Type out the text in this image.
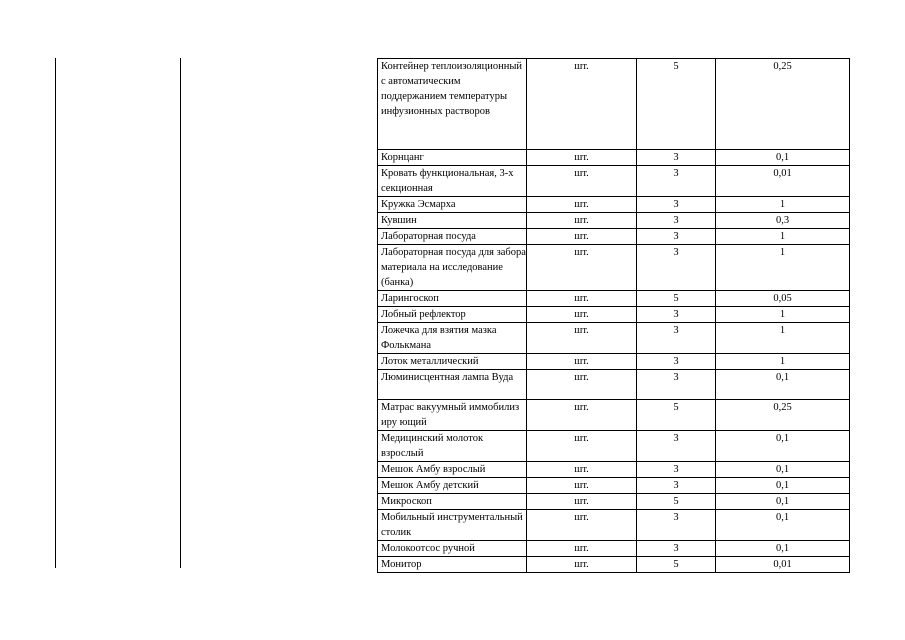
Контейнер теплоизоляционный с автоматическим поддержанием температуры инфузионных растворов	шт.	5	0,25
Корнцанг	шт.	3	0,1
Кровать функциональная, 3-х секционная	шт.	3	0,01
Кружка Эсмарха	шт.	3	1
Кувшин	шт.	3	0,3
Лабораторная посуда	шт.	3	1
Лабораторная посуда для забора материала на исследование (банка)	шт.	3	1
Ларингоскоп	шт.	5	0,05
Лобный рефлектор	шт.	3	1
Ложечка для взятия мазка Фолькмана	шт.	3	1
Лоток металлический	шт.	3	1
Люминисцентная лампа Вуда	шт.	3	0,1
Матрас вакуумный иммобилиз иру ющий	шт.	5	0,25
Медицинский молоток взрослый	шт.	3	0,1
Мешок Амбу взрослый	шт.	3	0,1
Мешок Амбу детский	шт.	3	0,1
Микроскоп	шт.	5	0,1
Мобильный инструментальный столик	шт.	3	0,1
Молокоотсос ручной	шт.	3	0,1
Монитор	шт.	5	0,01
